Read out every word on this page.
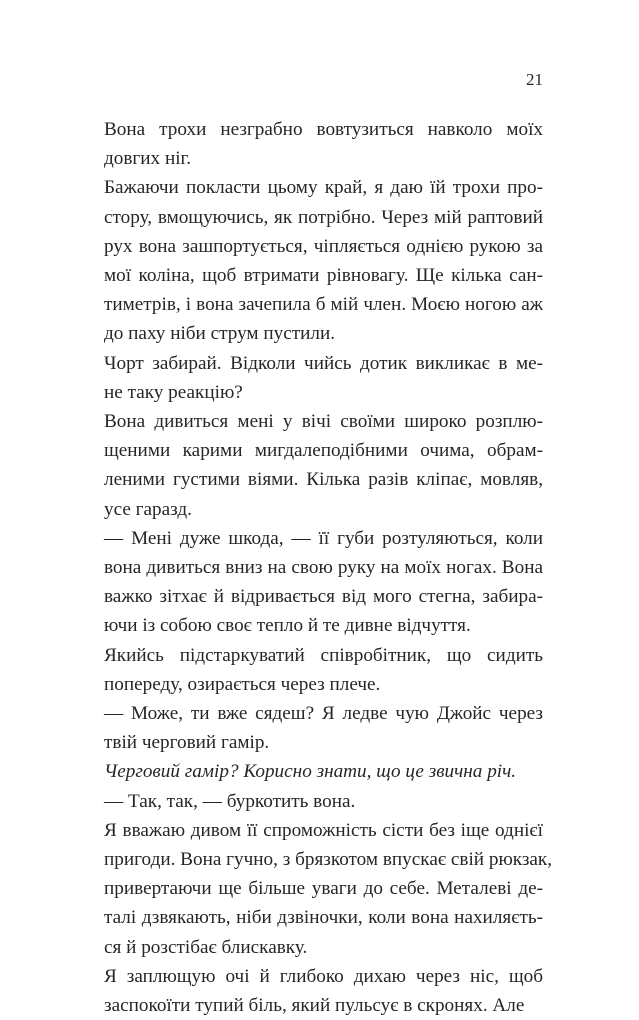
21

Вона трохи незграбно вовтузиться навколо моїх
довгих ніг.

Бажаючи покласти цьому край, я даю їй трохи про-
стору, вмощуючись, як потрібно. Через мій раптовий
рух вона зашпортується, чіпляється однією рукою за
мої коліна, щоб втримати рівновагу. Ще кілька сан-
тиметрів, і вона зачепила б мій член. Моєю ногою аж
до паху ніби струм пустили.

Чорт забирай. Відколи чийсь дотик викликає в ме-
не таку реакцію?

Вона дивиться мені у вічі своїми широко розплю-
щеними карими мигдалеподібними очима, обрам-
леними густими віями. Кілька разів кліпає, мовляв,
усе гаразд.

— Мені дуже шкода, — її губи розтуляються, коли
вона дивиться вниз на свою руку на моїх ногах. Вона
важко зітхає й відривається від мого стегна, забира-
ючи із собою своє тепло й те дивне відчуття.

Якийсь підстаркуватий співробітник, що сидить
попереду, озирається через плече.

— Може, ти вже сядеш? Я ледве чую Джойс через
твій черговий гамір.

Черговий гамір? Корисно знати, що це звична річ.

— Так, так, — буркотить вона.

Я вважаю дивом її спроможність сісти без іще однієї
пригоди. Вона гучно, з брязкотом впускає свій рюкзак,
привертаючи ще більше уваги до себе. Металеві де-
талі дзвякають, ніби дзвіночки, коли вона нахиляєть-
ся й розстібає блискавку.

Я заплющую очі й глибоко дихаю через ніс, щоб
заспокоїти тупий біль, який пульсує в скронях. Але
